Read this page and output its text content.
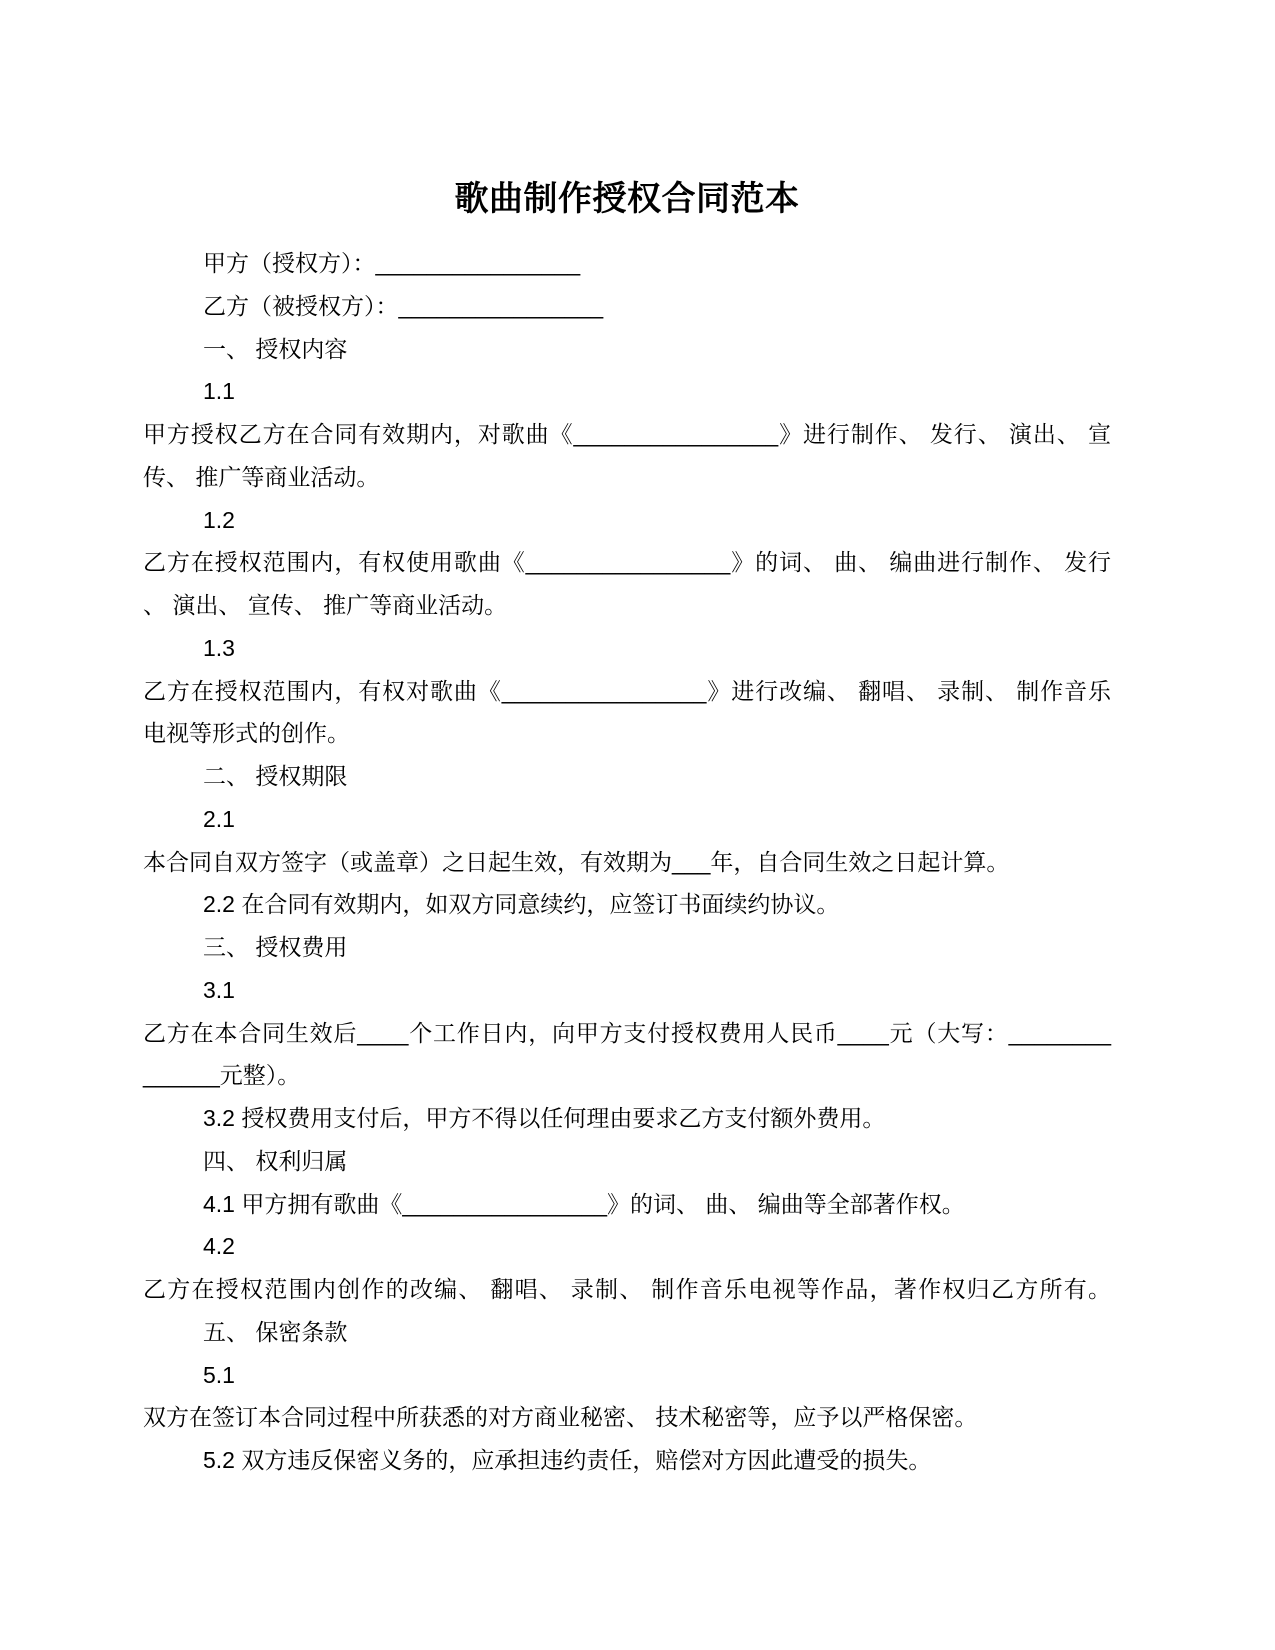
歌曲制作授权合同范本
甲方（授权方）：________________
乙方（被授权方）：________________
一、 授权内容
1.1
甲方授权乙方在合同有效期内，对歌曲《________________》进行制作、 发行、 演出、 宣
传、 推广等商业活动。
1.2
乙方在授权范围内，有权使用歌曲《________________》的词、 曲、 编曲进行制作、 发行
、 演出、 宣传、 推广等商业活动。
1.3
乙方在授权范围内，有权对歌曲《________________》进行改编、 翻唱、 录制、 制作音乐
电视等形式的创作。
二、 授权期限
2.1
本合同自双方签字（或盖章）之日起生效，有效期为___年，自合同生效之日起计算。
2.2 在合同有效期内，如双方同意续约，应签订书面续约协议。
三、 授权费用
3.1
乙方在本合同生效后____个工作日内，向甲方支付授权费用人民币____元（大写：________
______元整）。
3.2 授权费用支付后，甲方不得以任何理由要求乙方支付额外费用。
四、 权利归属
4.1 甲方拥有歌曲《________________》的词、 曲、 编曲等全部著作权。
4.2
乙方在授权范围内创作的改编、 翻唱、 录制、 制作音乐电视等作品，著作权归乙方所有。
五、 保密条款
5.1
双方在签订本合同过程中所获悉的对方商业秘密、 技术秘密等，应予以严格保密。
5.2 双方违反保密义务的，应承担违约责任，赔偿对方因此遭受的损失。
